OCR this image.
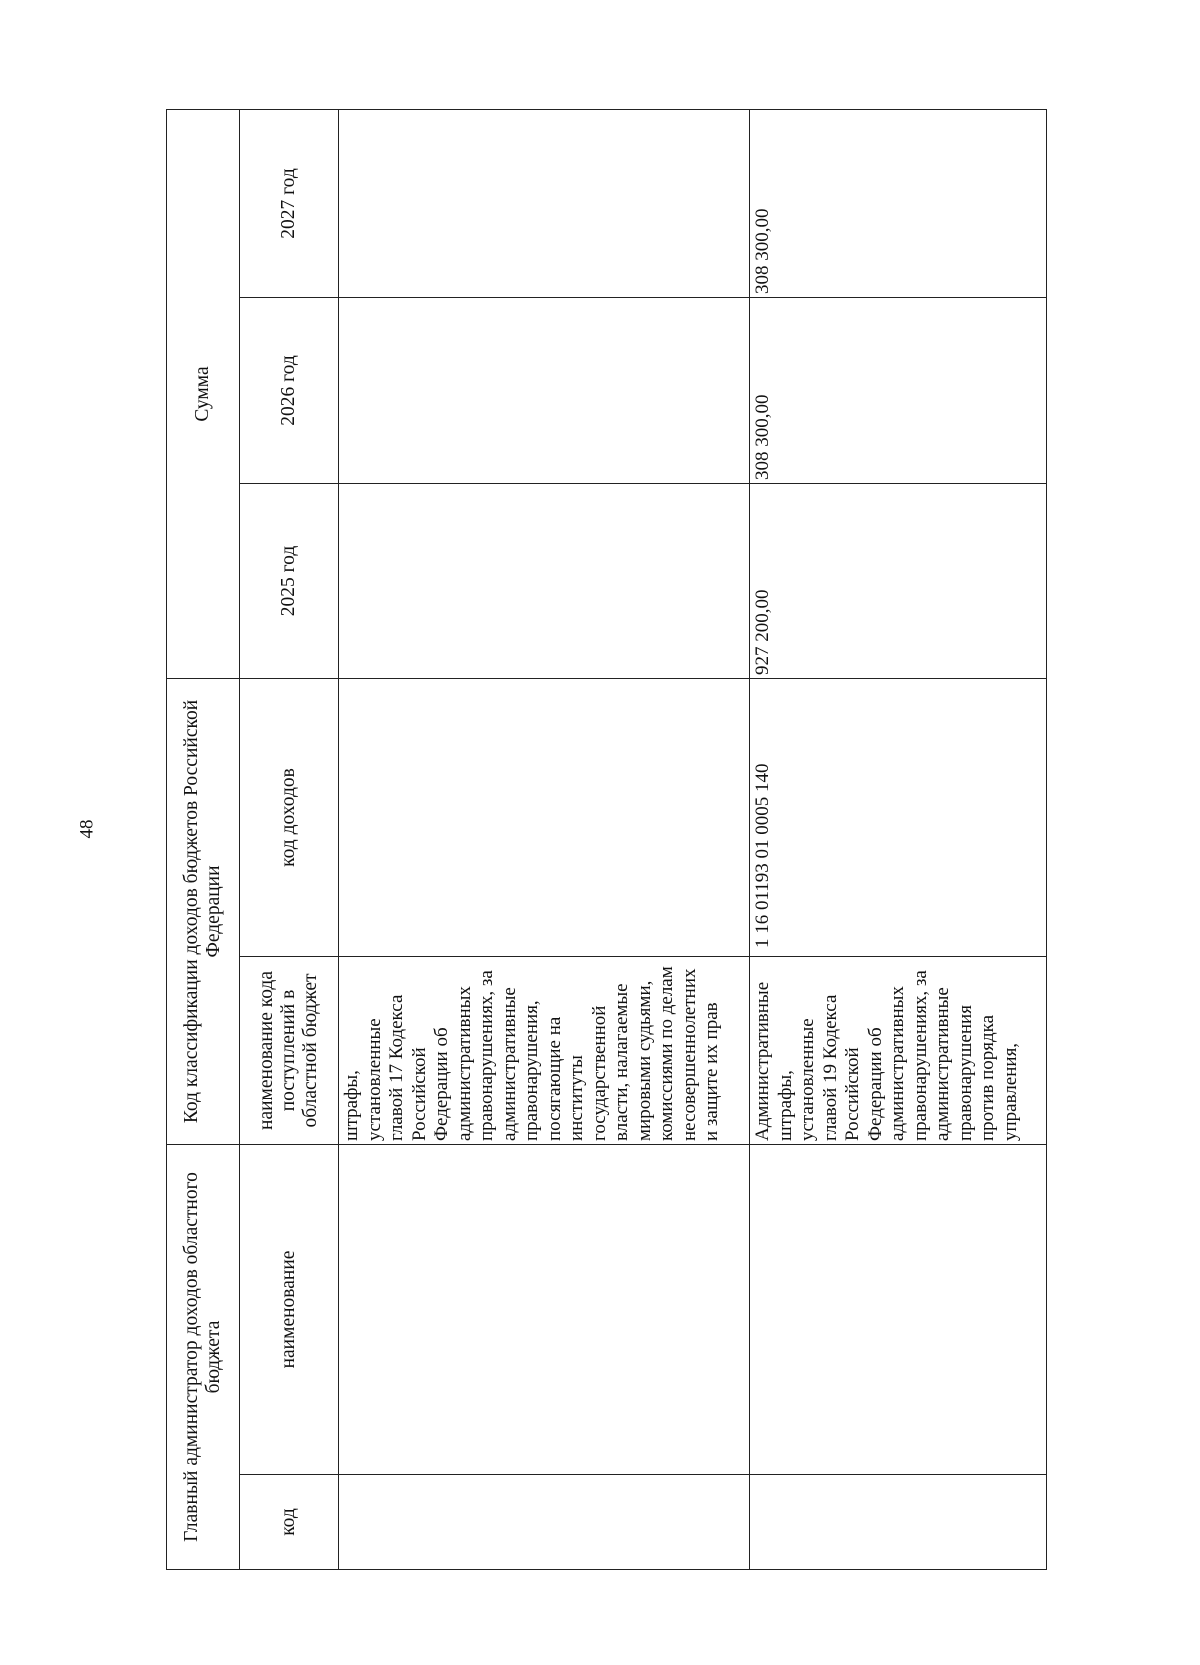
48
Главный администратор доходов областного бюджета		Код классификации доходов бюджетов Российской Федерации		Сумма		
код	наименование	наименование кода поступлений в областной бюджет	код доходов	2025 год	2026 год	2027 год
		штрафы, установленные главой 17 Кодекса Российской Федерации об административных правонарушениях, за административные правонарушения, посягающие на институты государственной власти, налагаемые мировыми судьями, комиссиями по делам несовершеннолетних и защите их прав				
		Административные штрафы, установленные главой 19 Кодекса Российской Федерации об административных правонарушениях, за административные правонарушения против порядка управления,	1 16 01193 01 0005 140	927 200,00	308 300,00	308 300,00
